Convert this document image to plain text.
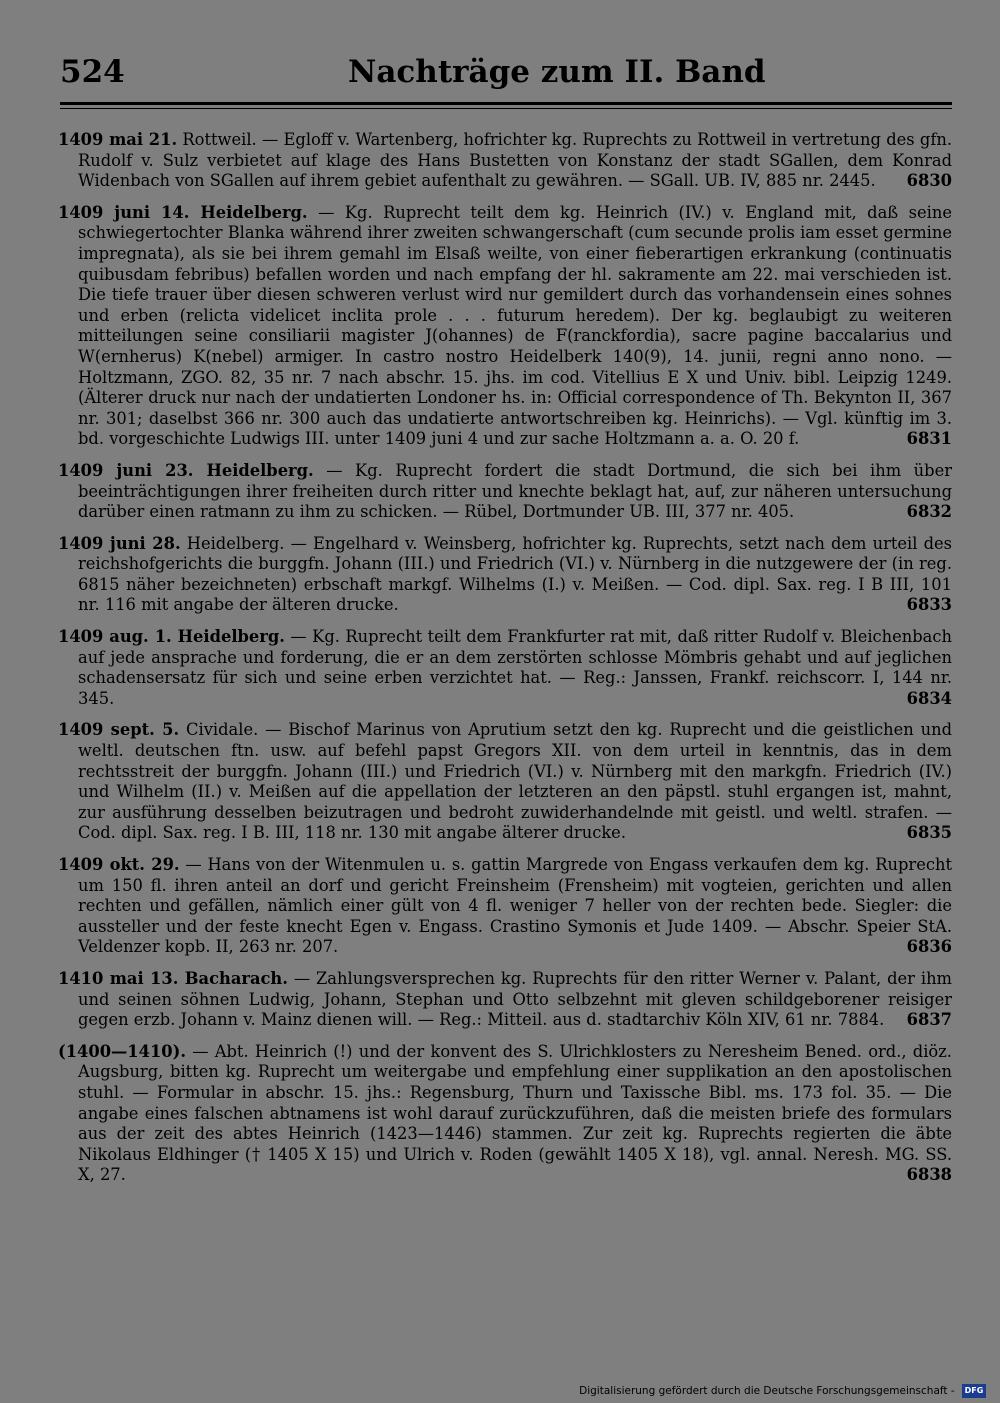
524	Nachträge zum II. Band

1409 mai 21. Rottweil. — Egloff v. Wartenberg, hofrichter kg. Ruprechts zu Rottweil in vertretung des gfn. Rudolf v. Sulz verbietet auf klage des Hans Bustetten von Konstanz der stadt SGallen, dem Konrad Widenbach von SGallen auf ihrem gebiet aufenthalt zu gewähren. — SGall. UB. IV, 885 nr. 2445. 6830

1409 juni 14. Heidelberg. — Kg. Ruprecht teilt dem kg. Heinrich (IV.) v. England mit, daß seine schwiegertochter Blanka während ihrer zweiten schwangerschaft (cum secunde prolis iam esset germine impregnata), als sie bei ihrem gemahl im Elsaß weilte, von einer fieberartigen erkrankung (continuatis quibusdam febribus) befallen worden und nach empfang der hl. sakramente am 22. mai verschieden ist. Die tiefe trauer über diesen schweren verlust wird nur gemildert durch das vorhandensein eines sohnes und erben (relicta videlicet inclita prole . . . futurum heredem). Der kg. beglaubigt zu weiteren mitteilungen seine consiliarii magister J(ohannes) de F(ranckfordia), sacre pagine baccalarius und W(ernherus) K(nebel) armiger. In castro nostro Heidelberk 140(9), 14. junii, regni anno nono. — Holtzmann, ZGO. 82, 35 nr. 7 nach abschr. 15. jhs. im cod. Vitellius E X und Univ. bibl. Leipzig 1249. (Älterer druck nur nach der undatierten Londoner hs. in: Official correspondence of Th. Bekynton II, 367 nr. 301; daselbst 366 nr. 300 auch das undatierte antwortschreiben kg. Heinrichs). — Vgl. künftig im 3. bd. vorgeschichte Ludwigs III. unter 1409 juni 4 und zur sache Holtzmann a. a. O. 20 f.	6831

1409 juni 23. Heidelberg. — Kg. Ruprecht fordert die stadt Dortmund, die sich bei ihm über beeinträchtigungen ihrer freiheiten durch ritter und knechte beklagt hat, auf, zur näheren untersuchung darüber einen ratmann zu ihm zu schicken. — Rübel, Dortmunder UB. III, 377 nr. 405.	6832

1409 juni 28. Heidelberg. — Engelhard v. Weinsberg, hofrichter kg. Ruprechts, setzt nach dem urteil des reichshofgerichts die burggfn. Johann (III.) und Friedrich (VI.) v. Nürnberg in die nutzgewere der (in reg. 6815 näher bezeichneten) erbschaft markgf. Wilhelms (I.) v. Meißen. — Cod. dipl. Sax. reg. I B III, 101 nr. 116 mit angabe der älteren drucke.	6833

1409 aug. 1. Heidelberg. — Kg. Ruprecht teilt dem Frankfurter rat mit, daß ritter Rudolf v. Bleichenbach auf jede ansprache und forderung, die er an dem zerstörten schlosse Mömbris gehabt und auf jeglichen schadensersatz für sich und seine erben verzichtet hat. — Reg.: Janssen, Frankf. reichscorr. I, 144 nr. 345.	6834

1409 sept. 5. Cividale. — Bischof Marinus von Aprutium setzt den kg. Ruprecht und die geistlichen und weltl. deutschen ftn. usw. auf befehl papst Gregors XII. von dem urteil in kenntnis, das in dem rechtsstreit der burggfn. Johann (III.) und Friedrich (VI.) v. Nürnberg mit den markgfn. Friedrich (IV.) und Wilhelm (II.) v. Meißen auf die appellation der letzteren an den päpstl. stuhl ergangen ist, mahnt, zur ausführung desselben beizutragen und bedroht zuwiderhandelnde mit geistl. und weltl. strafen. — Cod. dipl. Sax. reg. I B. III, 118 nr. 130 mit angabe älterer drucke.	6835

1409 okt. 29. — Hans von der Witenmulen u. s. gattin Margrede von Engass verkaufen dem kg. Ruprecht um 150 fl. ihren anteil an dorf und gericht Freinsheim (Frensheim) mit vogteien, gerichten und allen rechten und gefällen, nämlich einer gült von 4 fl. weniger 7 heller von der rechten bede. Siegler: die aussteller und der feste knecht Egen v. Engass. Crastino Symonis et Jude 1409. — Abschr. Speier StA. Veldenzer kopb. II, 263 nr. 207.	6836

1410 mai 13. Bacharach. — Zahlungsversprechen kg. Ruprechts für den ritter Werner v. Palant, der ihm und seinen söhnen Ludwig, Johann, Stephan und Otto selbzehnt mit gleven schildgeborener reisiger gegen erzb. Johann v. Mainz dienen will. — Reg.: Mitteil. aus d. stadtarchiv Köln XIV, 61 nr. 7884. 6837

(1400—1410). — Abt. Heinrich (!) und der konvent des S. Ulrichklosters zu Neresheim Bened. ord., diöz. Augsburg, bitten kg. Ruprecht um weitergabe und empfehlung einer supplikation an den apostolischen stuhl. — Formular in abschr. 15. jhs.: Regensburg, Thurn und Taxissche Bibl. ms. 173 fol. 35. — Die angabe eines falschen abtnamens ist wohl darauf zurückzuführen, daß die meisten briefe des formulars aus der zeit des abtes Heinrich (1423—1446) stammen. Zur zeit kg. Ruprechts regierten die äbte Nikolaus Eldhinger († 1405 X 15) und Ulrich v. Roden (gewählt 1405 X 18), vgl. annal. Neresh. MG. SS. X, 27.	6838

Digitalisierung gefördert durch die Deutsche Forschungsgemeinschaft - DFG
